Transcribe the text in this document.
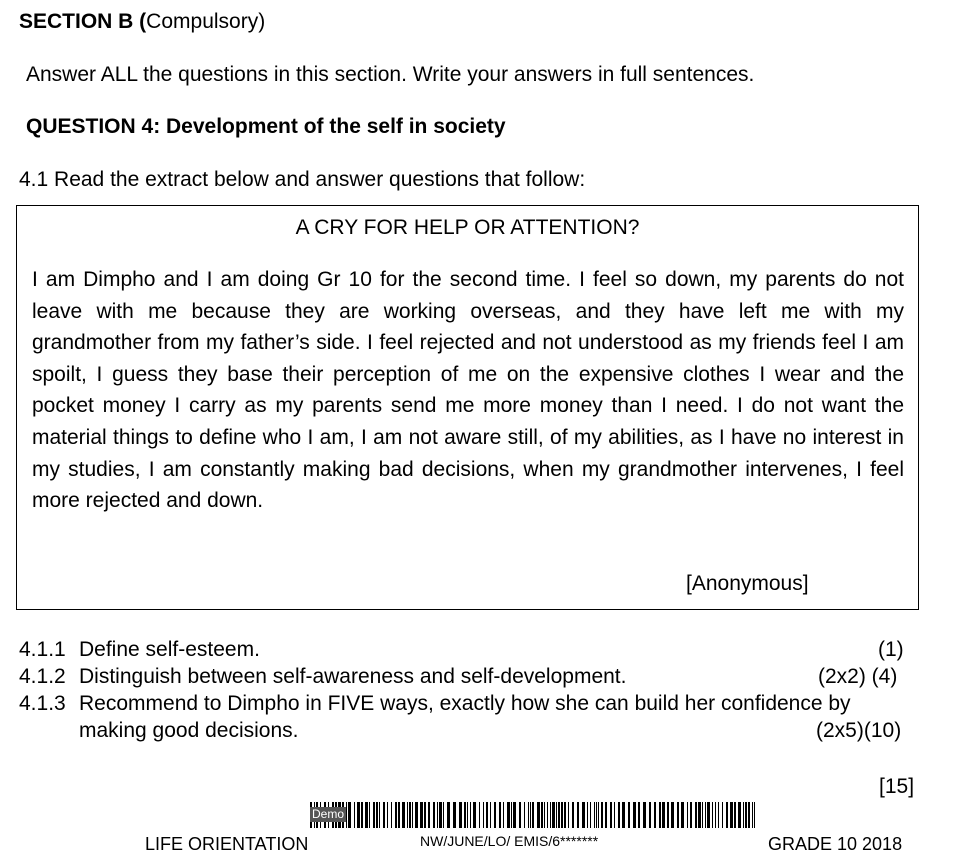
SECTION B (Compulsory)
Answer ALL the questions in this section. Write your answers in full sentences.
QUESTION 4: Development of the self in society
4.1 Read the extract below and answer questions that follow:
A CRY FOR HELP OR ATTENTION?
I am Dimpho and I am doing Gr 10 for the second time. I feel so down, my parents do not leave with me because they are working overseas, and they have left me with my grandmother from my father’s side. I feel rejected and not understood as my friends feel I am spoilt, I guess they base their perception of me on the expensive clothes I wear and the pocket money I carry as my parents send me more money than I need. I do not want the material things to define who I am, I am not aware still, of my abilities, as I have no interest in my studies, I am constantly making bad decisions, when my grandmother intervenes, I feel more rejected and down.
[Anonymous]
4.1.1 Define self-esteem.	(1)
4.1.2 Distinguish between self-awareness and self-development.	(2x2) (4)
4.1.3 Recommend to Dimpho in FIVE ways, exactly how she can build her confidence by
making good decisions.	(2x5)(10)
[15]
Demo
LIFE ORIENTATION	NW/JUNE/LO/ EMIS/6*******	GRADE 10 2018
